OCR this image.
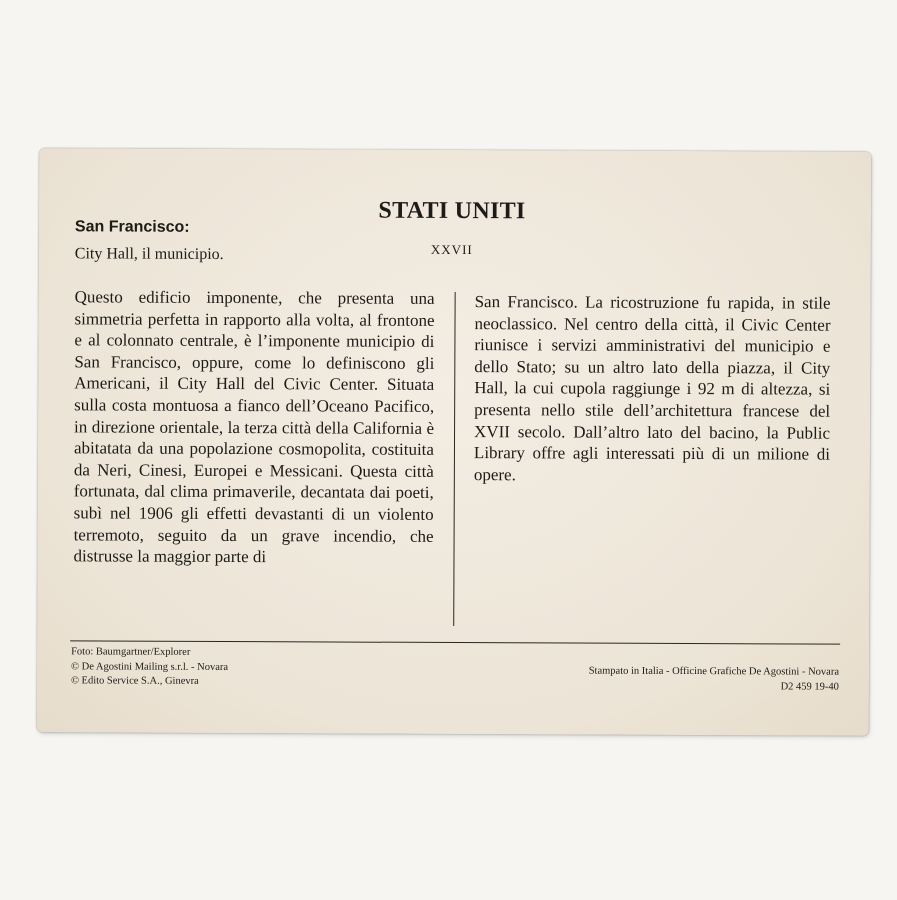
STATI UNITI
XXVII
San Francisco:
City Hall, il municipio.

Questo edificio imponente, che presenta una simmetria perfetta in rapporto alla volta, al frontone e al colonnato centrale, è l’imponente municipio di San Francisco, oppure, come lo definiscono gli Americani, il City Hall del Civic Center. Situata sulla costa montuosa a fianco dell’Oceano Pacifico, in direzione orientale, la terza città della California è abitatata da una popolazione cosmopolita, costituita da Neri, Cinesi, Europei e Messicani. Questa città fortunata, dal clima primaverile, decantata dai poeti, subì nel 1906 gli effetti devastanti di un violento terremoto, seguito da un grave incendio, che distrusse la maggior parte di

San Francisco. La ricostruzione fu rapida, in stile neoclassico. Nel centro della città, il Civic Center riunisce i servizi amministrativi del municipio e dello Stato; su un altro lato della piazza, il City Hall, la cui cupola raggiunge i 92 m di altezza, si presenta nello stile dell’architettura francese del XVII secolo. Dall’altro lato del bacino, la Public Library offre agli interessati più di un milione di opere.

Foto: Baumgartner/Explorer
© De Agostini Mailing s.r.l. - Novara
© Edito Service S.A., Ginevra
Stampato in Italia - Officine Grafiche De Agostini - Novara
D2 459 19-40
